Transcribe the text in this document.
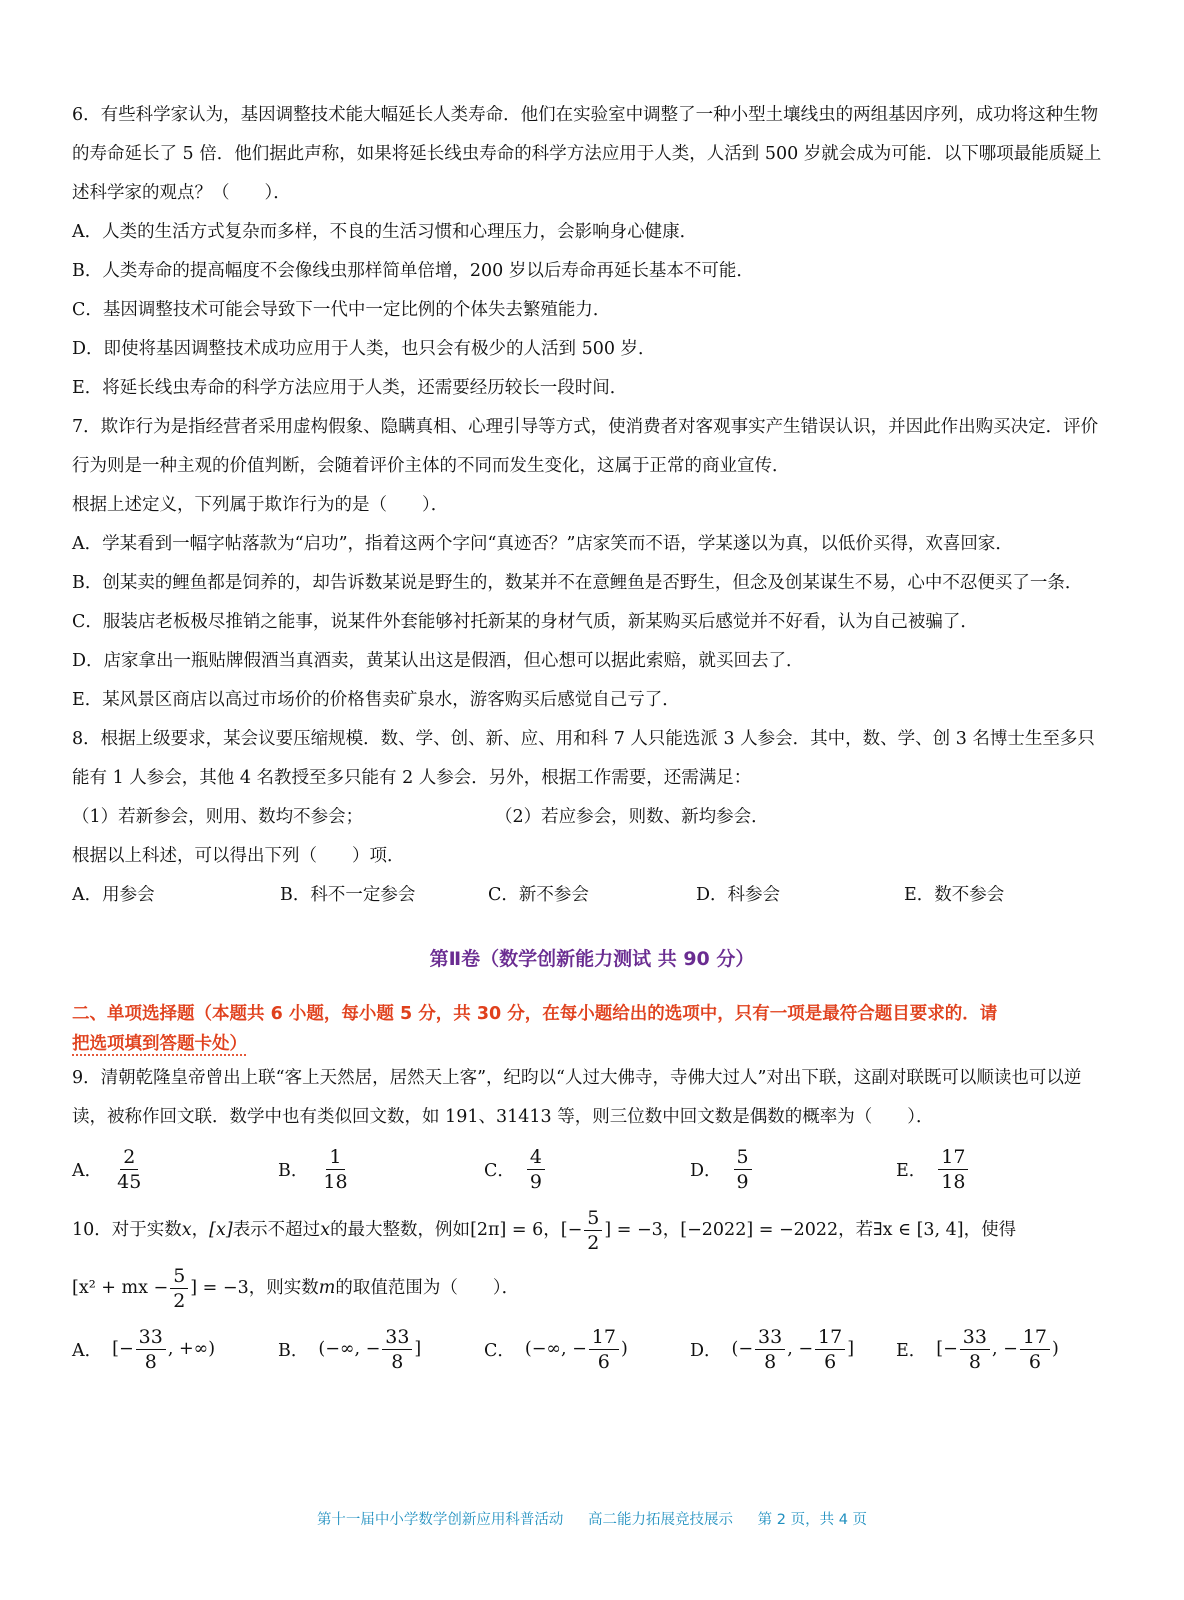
6．有些科学家认为，基因调整技术能大幅延长人类寿命．他们在实验室中调整了一种小型土壤线虫的两组基因序列，成功将这种生物的寿命延长了 5 倍．他们据此声称，如果将延长线虫寿命的科学方法应用于人类，人活到 500 岁就会成为可能．以下哪项最能质疑上述科学家的观点？（　　）．

A．人类的生活方式复杂而多样，不良的生活习惯和心理压力，会影响身心健康．

B．人类寿命的提高幅度不会像线虫那样简单倍增，200 岁以后寿命再延长基本不可能．

C．基因调整技术可能会导致下一代中一定比例的个体失去繁殖能力．

D．即使将基因调整技术成功应用于人类，也只会有极少的人活到 500 岁．

E．将延长线虫寿命的科学方法应用于人类，还需要经历较长一段时间．

7．欺诈行为是指经营者采用虚构假象、隐瞒真相、心理引导等方式，使消费者对客观事实产生错误认识，并因此作出购买决定．评价行为则是一种主观的价值判断，会随着评价主体的不同而发生变化，这属于正常的商业宣传．

根据上述定义，下列属于欺诈行为的是（　　）．

A．学某看到一幅字帖落款为“启功”，指着这两个字问“真迹否？”店家笑而不语，学某遂以为真，以低价买得，欢喜回家．

B．创某卖的鲤鱼都是饲养的，却告诉数某说是野生的，数某并不在意鲤鱼是否野生，但念及创某谋生不易，心中不忍便买了一条．

C．服装店老板极尽推销之能事，说某件外套能够衬托新某的身材气质，新某购买后感觉并不好看，认为自己被骗了．

D．店家拿出一瓶贴牌假酒当真酒卖，黄某认出这是假酒，但心想可以据此索赔，就买回去了．

E．某风景区商店以高过市场价的价格售卖矿泉水，游客购买后感觉自己亏了．

8．根据上级要求，某会议要压缩规模．数、学、创、新、应、用和科 7 人只能选派 3 人参会．其中，数、学、创 3 名博士生至多只能有 1 人参会，其他 4 名教授至多只能有 2 人参会．另外，根据工作需要，还需满足：

（1）若新参会，则用、数均不参会；	（2）若应参会，则数、新均参会．

根据以上科述，可以得出下列（　　）项．

A．用参会	B．科不一定参会	C．新不参会	D．科参会	E．数不参会
第Ⅱ卷（数学创新能力测试 共 90 分）
二、单项选择题（本题共 6 小题，每小题 5 分，共 30 分，在每小题给出的选项中，只有一项是最符合题目要求的．请
把选项填到答题卡处）

9．清朝乾隆皇帝曾出上联“客上天然居，居然天上客”，纪昀以“人过大佛寺，寺佛大过人”对出下联，这副对联既可以顺读也可以逆读，被称作回文联．数学中也有类似回文数，如 191、31413 等，则三位数中回文数是偶数的概率为（　　）．

A． $\frac{2}{45}$	B． $\frac{1}{18}$	C． $\frac{4}{9}$	D． $\frac{5}{9}$	E． $\frac{17}{18}$
10．对于实数 x ， [x] 表示不超过 x 的最大整数，例如 [2π] = 6 ， [− $\frac{5}{2}$ ] = −3 ， [−2022] = −2022 ，若∃x ∈ [3, 4]，使得
[x² + mx − $\frac{5}{2}$ ] = −3 ，则实数 m 的取值范围为（　　）．
A． [− $\frac{33}{8}$ , +∞)	B． (−∞, − $\frac{33}{8}$ ]	C． (−∞, − $\frac{17}{6}$ )	D． (− $\frac{33}{8}$ , − $\frac{17}{6}$ ] E． [− $\frac{33}{8}$ , − $\frac{17}{6}$ )
第十一届中小学数学创新应用科普活动 高二能力拓展竞技展示 第 2 页，共 4 页
